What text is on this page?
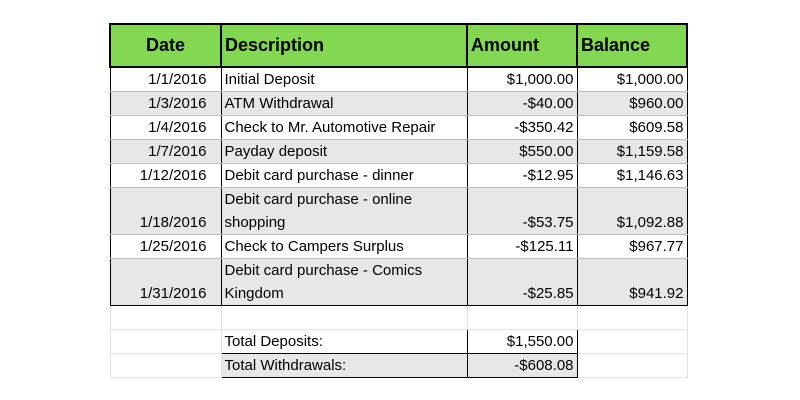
Date	Description	Amount	Balance
1/1/2016	Initial Deposit	$1,000.00	$1,000.00
1/3/2016	ATM Withdrawal	-$40.00	$960.00
1/4/2016	Check to Mr. Automotive Repair	-$350.42	$609.58
1/7/2016	Payday deposit	$550.00	$1,159.58
1/12/2016	Debit card purchase - dinner	-$12.95	$1,146.63
1/18/2016	Debit card purchase - online shopping	-$53.75	$1,092.88
1/25/2016	Check to Campers Surplus	-$125.11	$967.77
1/31/2016	Debit card purchase - Comics Kingdom	-$25.85	$941.92

	Total Deposits:	$1,550.00	
	Total Withdrawals:	-$608.08	
